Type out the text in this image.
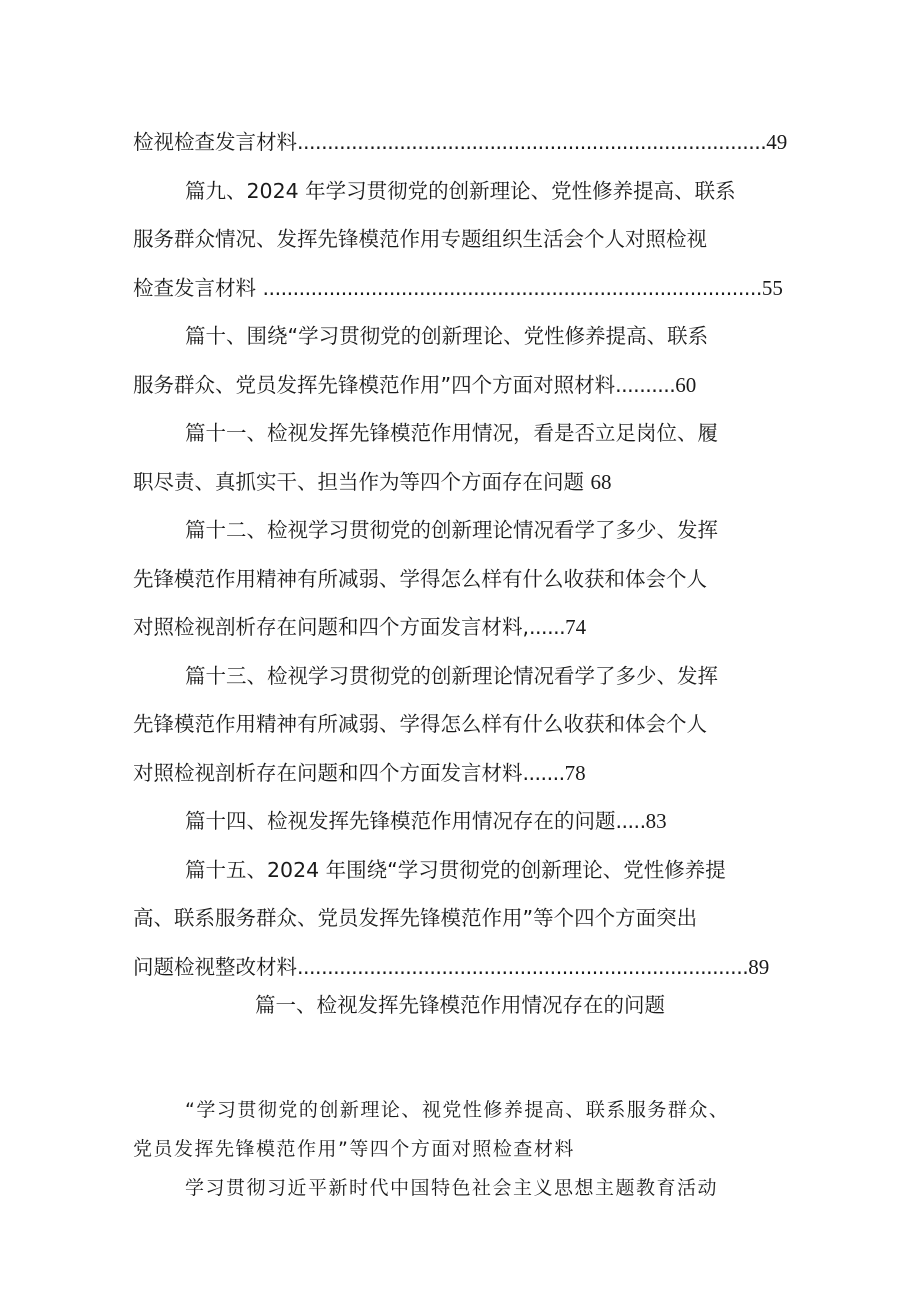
检视检查发言材料..............................................................................49
篇九、2024 年学习贯彻党的创新理论、党性修养提高、联系
服务群众情况、发挥先锋模范作用专题组织生活会个人对照检视
检查发言材料 ...................................................................................55
篇十、围绕“学习贯彻党的创新理论、党性修养提高、联系
服务群众、党员发挥先锋模范作用”四个方面对照材料..........60
篇十一、检视发挥先锋模范作用情况，看是否立足岗位、履
职尽责、真抓实干、担当作为等四个方面存在问题 68
篇十二、检视学习贯彻党的创新理论情况看学了多少、发挥
先锋模范作用精神有所减弱、学得怎么样有什么收获和体会个人
对照检视剖析存在问题和四个方面发言材料,......74
篇十三、检视学习贯彻党的创新理论情况看学了多少、发挥
先锋模范作用精神有所减弱、学得怎么样有什么收获和体会个人
对照检视剖析存在问题和四个方面发言材料.......78
篇十四、检视发挥先锋模范作用情况存在的问题.....83
篇十五、2024 年围绕“学习贯彻党的创新理论、党性修养提
高、联系服务群众、党员发挥先锋模范作用”等个四个方面突出
问题检视整改材料...........................................................................89
篇一、检视发挥先锋模范作用情况存在的问题

“学习贯彻党的创新理论、视党性修养提高、联系服务群众、

党员发挥先锋模范作用”等四个方面对照检查材料

学习贯彻习近平新时代中国特色社会主义思想主题教育活动
